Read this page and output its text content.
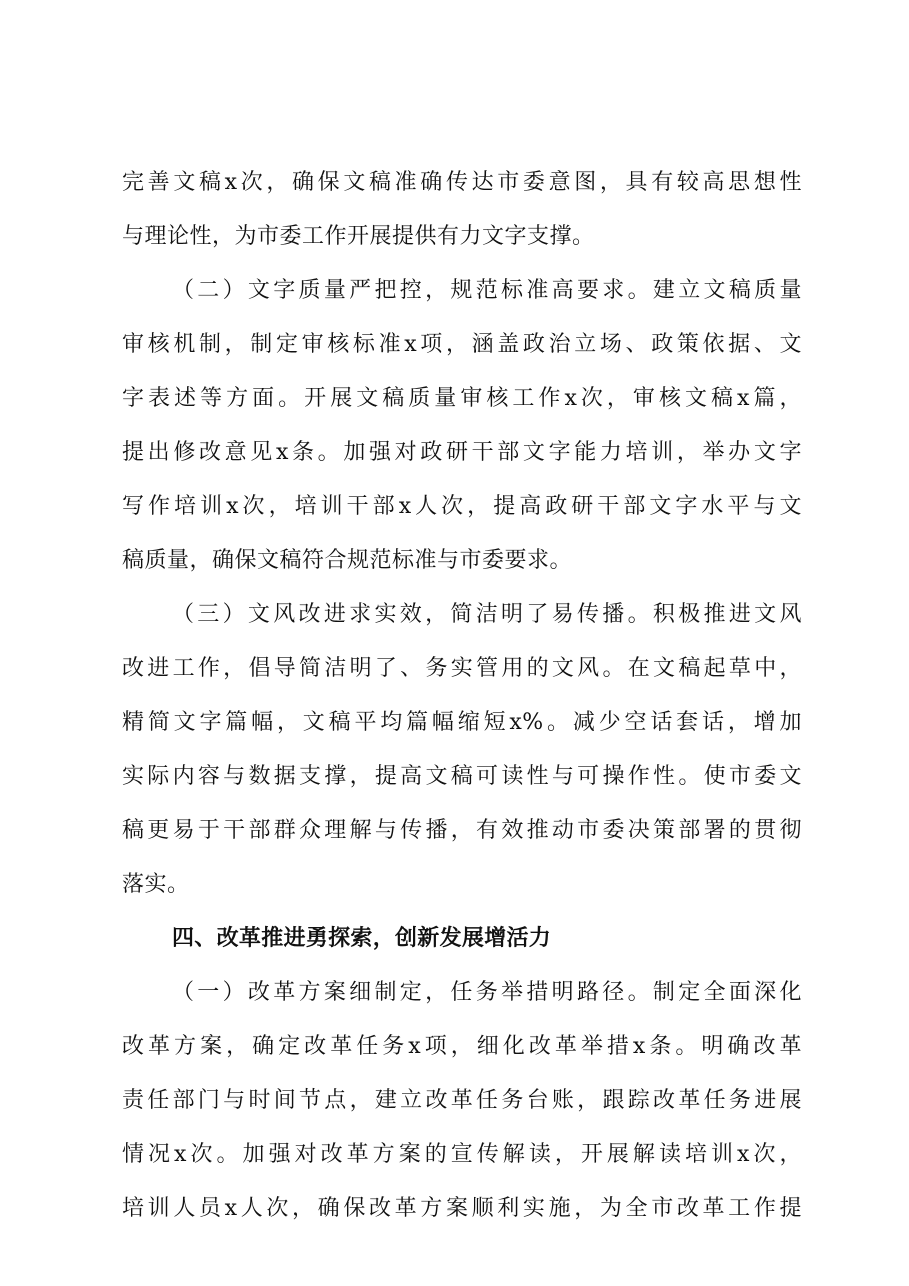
完善文稿x次，确保文稿准确传达市委意图，具有较高思想性
与理论性，为市委工作开展提供有力文字支撑。
（二）文字质量严把控，规范标准高要求。建立文稿质量
审核机制，制定审核标准x项，涵盖政治立场、政策依据、文
字表述等方面。开展文稿质量审核工作x次，审核文稿x篇，
提出修改意见x条。加强对政研干部文字能力培训，举办文字
写作培训x次，培训干部x人次，提高政研干部文字水平与文
稿质量，确保文稿符合规范标准与市委要求。
（三）文风改进求实效，简洁明了易传播。积极推进文风
改进工作，倡导简洁明了、务实管用的文风。在文稿起草中，
精简文字篇幅，文稿平均篇幅缩短x%。减少空话套话，增加
实际内容与数据支撑，提高文稿可读性与可操作性。使市委文
稿更易于干部群众理解与传播，有效推动市委决策部署的贯彻
落实。
四、改革推进勇探索，创新发展增活力
（一）改革方案细制定，任务举措明路径。制定全面深化
改革方案，确定改革任务x项，细化改革举措x条。明确改革
责任部门与时间节点，建立改革任务台账，跟踪改革任务进展
情况x次。加强对改革方案的宣传解读，开展解读培训x次，
培训人员x人次，确保改革方案顺利实施，为全市改革工作提
